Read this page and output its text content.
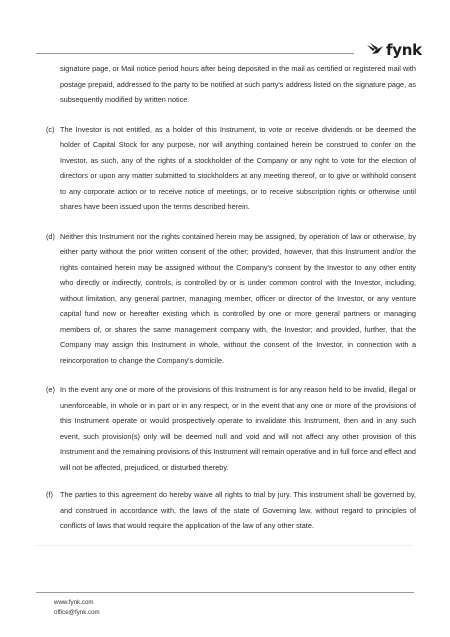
fynk

signature page, or Mail notice period hours after being deposited in the mail as certified or registered mail with postage prepaid, addressed to the party to be notified at such party's address listed on the signature page, as subsequently modified by written notice.

(c) The Investor is not entitled, as a holder of this Instrument, to vote or receive dividends or be deemed the holder of Capital Stock for any purpose, nor will anything contained herein be construed to confer on the Investor, as such, any of the rights of a stockholder of the Company or any right to vote for the election of directors or upon any matter submitted to stockholders at any meeting thereof, or to give or withhold consent to any corporate action or to receive notice of meetings, or to receive subscription rights or otherwise until shares have been issued upon the terms described herein.

(d) Neither this Instrument nor the rights contained herein may be assigned, by operation of law or otherwise, by either party without the prior written consent of the other; provided, however, that this Instrument and/or the rights contained herein may be assigned without the Company's consent by the Investor to any other entity who directly or indirectly, controls, is controlled by or is under common control with the Investor, including, without limitation, any general partner, managing member, officer or director of the Investor, or any venture capital fund now or hereafter existing which is controlled by one or more general partners or managing members of, or shares the same management company with, the Investor; and provided, further, that the Company may assign this Instrument in whole, without the consent of the Investor, in connection with a reincorporation to change the Company's domicile.

(e) In the event any one or more of the provisions of this Instrument is for any reason held to be invalid, illegal or unenforceable, in whole or in part or in any respect, or in the event that any one or more of the provisions of this Instrument operate or would prospectively operate to invalidate this Instrument, then and in any such event, such provision(s) only will be deemed null and void and will not affect any other provision of this Instrument and the remaining provisions of this Instrument will remain operative and in full force and effect and will not be affected, prejudiced, or disturbed thereby.

(f) The parties to this agreement do hereby waive all rights to trial by jury. This instrument shall be governed by, and construed in accordance with, the laws of the state of Governing law, without regard to principles of conflicts of laws that would require the application of the law of any other state.

www.fynk.com
office@fynk.com
